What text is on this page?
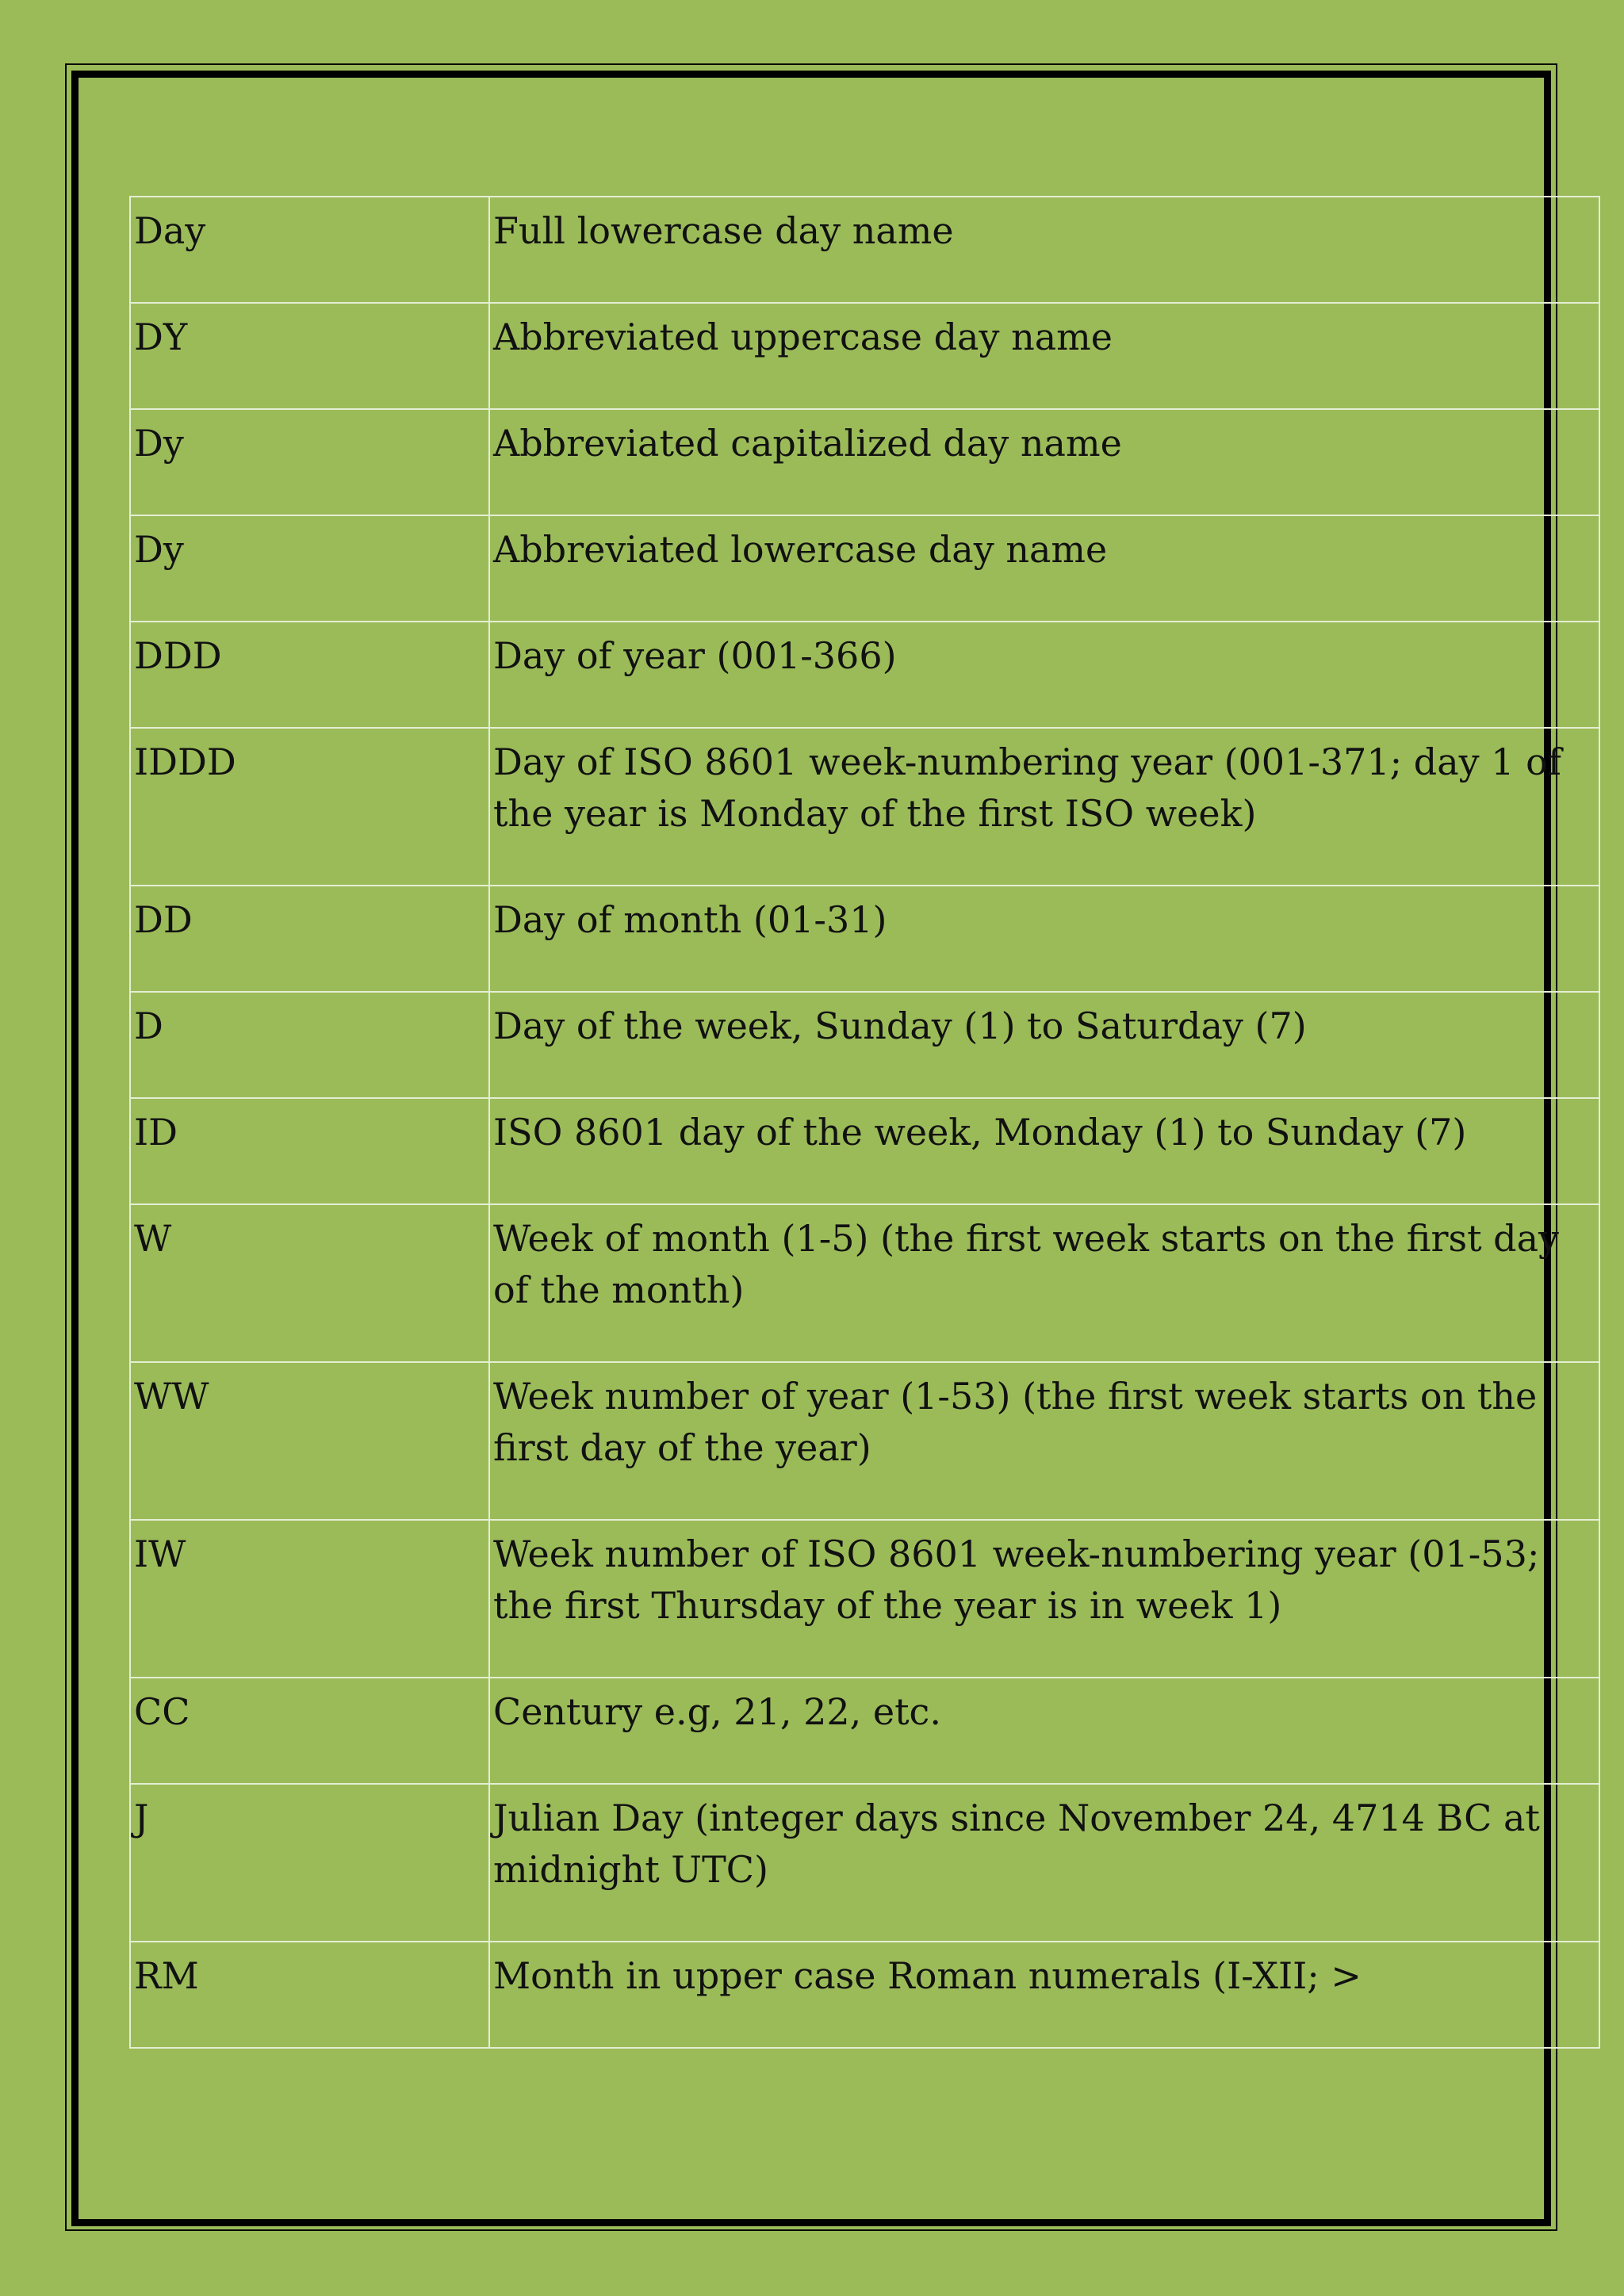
Day	Full lowercase day name
DY	Abbreviated uppercase day name
Dy	Abbreviated capitalized day name
Dy	Abbreviated lowercase day name
DDD	Day of year (001-366)
IDDD	Day of ISO 8601 week-numbering year (001-371; day 1 of the year is Monday of the first ISO week)
DD	Day of month (01-31)
D	Day of the week, Sunday (1) to Saturday (7)
ID	ISO 8601 day of the week, Monday (1) to Sunday (7)
W	Week of month (1-5) (the first week starts on the first day of the month)
WW	Week number of year (1-53) (the first week starts on the first day of the year)
IW	Week number of ISO 8601 week-numbering year (01-53; the first Thursday of the year is in week 1)
CC	Century e.g, 21, 22, etc.
J	Julian Day (integer days since November 24, 4714 BC at midnight UTC)
RM	Month in upper case Roman numerals (I-XII; >
